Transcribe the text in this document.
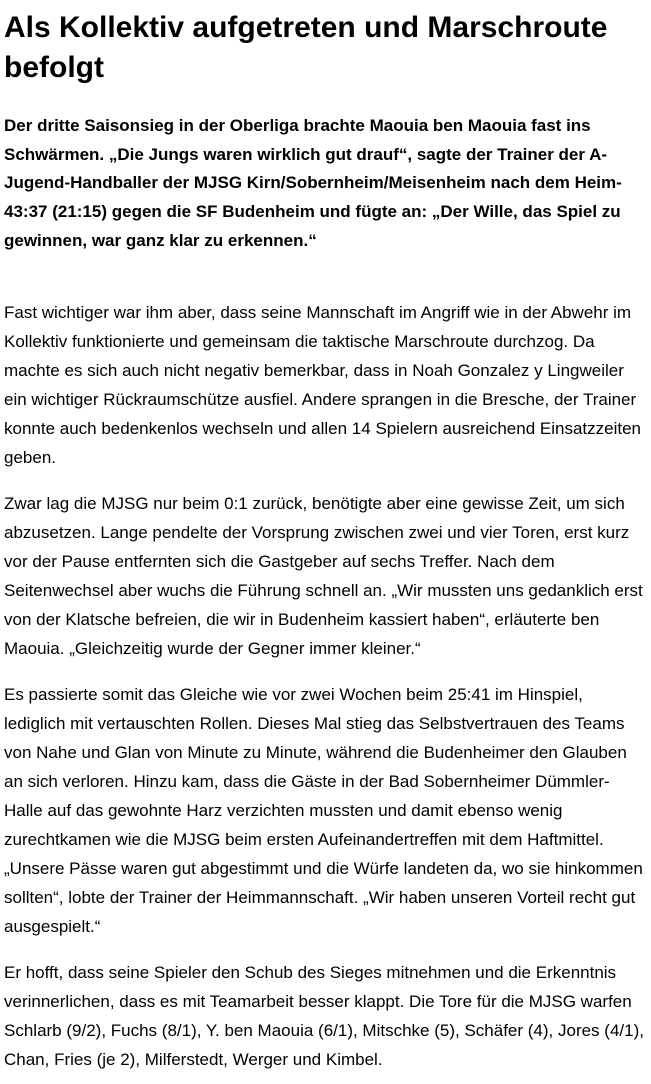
Als Kollektiv aufgetreten und Marschroute befolgt

Der dritte Saisonsieg in der Oberliga brachte Maouia ben Maouia fast ins Schwärmen. „Die Jungs waren wirklich gut drauf“, sagte der Trainer der A-Jugend-Handballer der MJSG Kirn/Sobernheim/Meisenheim nach dem Heim-43:37 (21:15) gegen die SF Budenheim und fügte an: „Der Wille, das Spiel zu gewinnen, war ganz klar zu erkennen.“

Fast wichtiger war ihm aber, dass seine Mannschaft im Angriff wie in der Abwehr im Kollektiv funktionierte und gemeinsam die taktische Marschroute durchzog. Da machte es sich auch nicht negativ bemerkbar, dass in Noah Gonzalez y Lingweiler ein wichtiger Rückraumschütze ausfiel. Andere sprangen in die Bresche, der Trainer konnte auch bedenkenlos wechseln und allen 14 Spielern ausreichend Einsatzzeiten geben.

Zwar lag die MJSG nur beim 0:1 zurück, benötigte aber eine gewisse Zeit, um sich abzusetzen. Lange pendelte der Vorsprung zwischen zwei und vier Toren, erst kurz vor der Pause entfernten sich die Gastgeber auf sechs Treffer. Nach dem Seitenwechsel aber wuchs die Führung schnell an. „Wir mussten uns gedanklich erst von der Klatsche befreien, die wir in Budenheim kassiert haben“, erläuterte ben Maouia. „Gleichzeitig wurde der Gegner immer kleiner.“

Es passierte somit das Gleiche wie vor zwei Wochen beim 25:41 im Hinspiel, lediglich mit vertauschten Rollen. Dieses Mal stieg das Selbstvertrauen des Teams von Nahe und Glan von Minute zu Minute, während die Budenheimer den Glauben an sich verloren. Hinzu kam, dass die Gäste in der Bad Sobernheimer Dümmler-Halle auf das gewohnte Harz verzichten mussten und damit ebenso wenig zurechtkamen wie die MJSG beim ersten Aufeinandertreffen mit dem Haftmittel. „Unsere Pässe waren gut abgestimmt und die Würfe landeten da, wo sie hinkommen sollten“, lobte der Trainer der Heimmannschaft. „Wir haben unseren Vorteil recht gut ausgespielt.“

Er hofft, dass seine Spieler den Schub des Sieges mitnehmen und die Erkenntnis verinnerlichen, dass es mit Teamarbeit besser klappt. Die Tore für die MJSG warfen Schlarb (9/2), Fuchs (8/1), Y. ben Maouia (6/1), Mitschke (5), Schäfer (4), Jores (4/1), Chan, Fries (je 2), Milferstedt, Werger und Kimbel.
